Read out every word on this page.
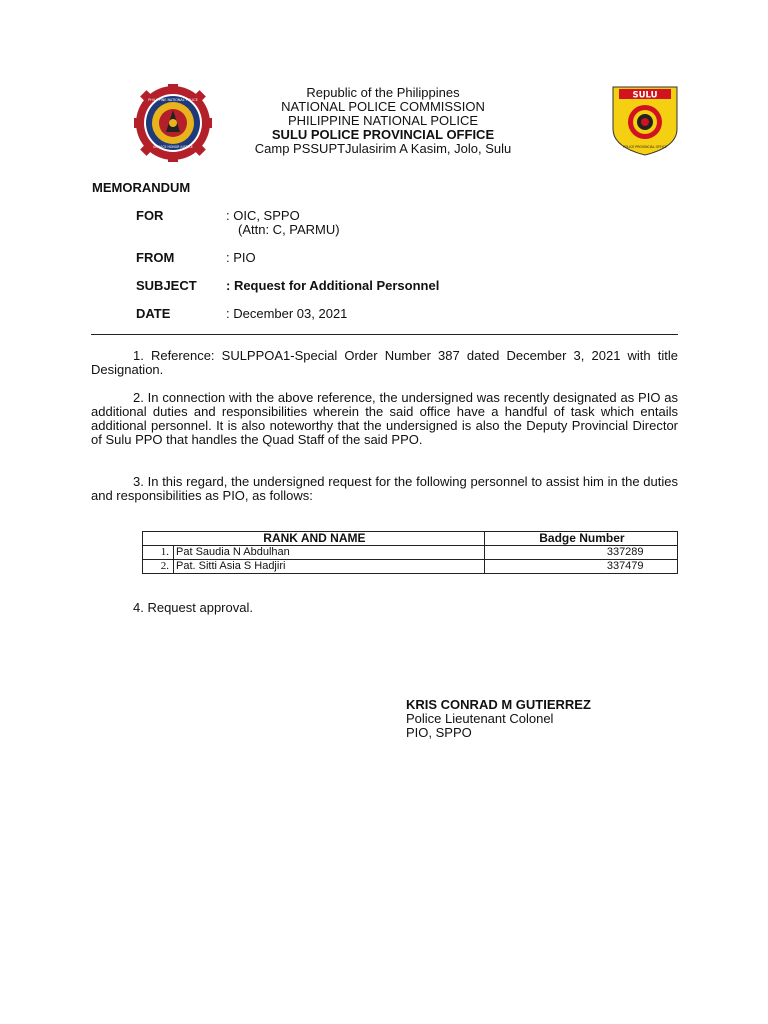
PHILIPPINE NATIONAL POLICE
SERVICE HONOR JUSTICE
Republic of the Philippines
NATIONAL POLICE COMMISSION
PHILIPPINE NATIONAL POLICE
SULU POLICE PROVINCIAL OFFICE
Camp PSSUPTJulasirim A Kasim, Jolo, Sulu
SULU
POLICE PROVINCIAL OFFICE
MEMORANDUM
FOR	: OIC, SPPO
(Attn: C, PARMU)
FROM	: PIO
SUBJECT : Request for Additional Personnel
DATE	: December 03, 2021
1. Reference: SULPPOA1-Special Order Number 387 dated December 3, 2021 with title Designation.
2. In connection with the above reference, the undersigned was recently designated as PIO as additional duties and responsibilities wherein the said office have a handful of task which entails additional personnel. It is also noteworthy that the undersigned is also the Deputy Provincial Director of Sulu PPO that handles the Quad Staff of the said PPO.
3. In this regard, the undersigned request for the following personnel to assist him in the duties and responsibilities as PIO, as follows:
RANK AND NAME		Badge Number
1.	Pat Saudia N Abdulhan	337289
2.	Pat. Sitti Asia S Hadjiri	337479
4. Request approval.
KRIS CONRAD M GUTIERREZ
Police Lieutenant Colonel
PIO, SPPO
